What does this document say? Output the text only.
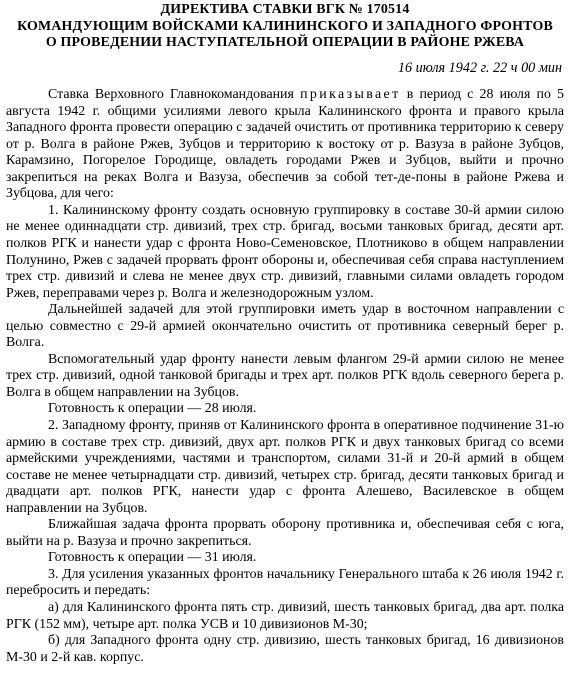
ДИРЕКТИВА СТАВКИ ВГК № 170514
КОМАНДУЮЩИМ ВОЙСКАМИ КАЛИНИНСКОГО И ЗАПАДНОГО ФРОНТОВ
О ПРОВЕДЕНИИ НАСТУПАТЕЛЬНОЙ ОПЕРАЦИИ В РАЙОНЕ РЖЕВА
16 июля 1942 г. 22 ч 00 мин

Ставка Верховного Главнокомандования приказывает в период с 28 июля по 5 августа 1942 г. общими усилиями левого крыла Калининского фронта и правого крыла Западного фронта провести операцию с задачей очистить от противника территорию к северу от р. Волга в районе Ржев, Зубцов и территорию к востоку от р. Вазуза в районе Зубцов, Карамзино, Погорелое Городище, овладеть городами Ржев и Зубцов, выйти и прочно закрепиться на реках Волга и Вазуза, обеспечив за собой тет-де-поны в районе Ржева и Зубцова, для чего:

1. Калининскому фронту создать основную группировку в составе 30-й армии силою не менее одиннадцати стр. дивизий, трех стр. бригад, восьми танковых бригад, десяти арт. полков РГК и нанести удар с фронта Ново-Семеновское, Плотниково в общем направлении Полунино, Ржев с задачей прорвать фронт обороны и, обеспечивая себя справа наступлением трех стр. дивизий и слева не менее двух стр. дивизий, главными силами овладеть городом Ржев, переправами через р. Волга и железнодорожным узлом.

Дальнейшей задачей для этой группировки иметь удар в восточном направлении с целью совместно с 29-й армией окончательно очистить от противника северный берег р. Волга.

Вспомогательный удар фронту нанести левым флангом 29-й армии силою не менее трех стр. дивизий, одной танковой бригады и трех арт. полков РГК вдоль северного берега р. Волга в общем направлении на Зубцов.

Готовность к операции — 28 июля.

2. Западному фронту, приняв от Калининского фронта в оперативное подчинение 31-ю армию в составе трех стр. дивизий, двух арт. полков РГК и двух танковых бригад со всеми армейскими учреждениями, частями и транспортом, силами 31-й и 20-й армий в общем составе не менее четырнадцати стр. дивизий, четырех стр. бригад, десяти танковых бригад и двадцати арт. полков РГК, нанести удар с фронта Алешево, Василевское в общем направлении на Зубцов.

Ближайшая задача фронта прорвать оборону противника и, обеспечивая себя с юга, выйти на р. Вазуза и прочно закрепиться.

Готовность к операции — 31 июля.

3. Для усиления указанных фронтов начальнику Генерального штаба к 26 июля 1942 г. перебросить и передать:

а) для Калининского фронта пять стр. дивизий, шесть танковых бригад, два арт. полка РГК (152 мм), четыре арт. полка УСВ и 10 дивизионов М-30;

б) для Западного фронта одну стр. дивизию, шесть танковых бригад, 16 дивизионов М-30 и 2-й кав. корпус.
